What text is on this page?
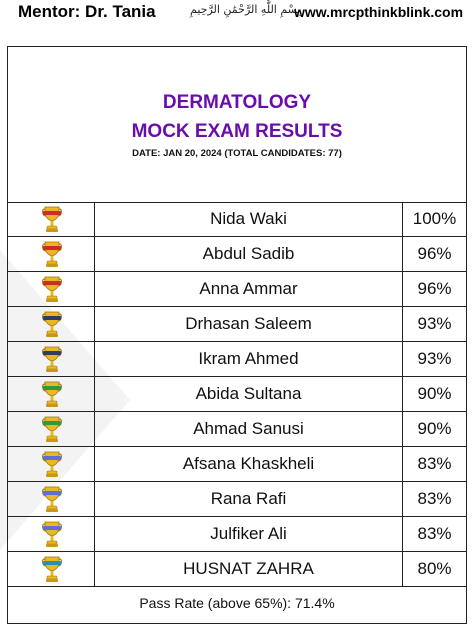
Mentor: Dr. Tania	بِسْمِ اللَّهِ الرَّحْمَٰنِ الرَّحِيمِ
www.mrcpthinkblink.com
DERMATOLOGY
MOCK EXAM RESULTS
DATE: JAN 20, 2024 (TOTAL CANDIDATES: 77)
Nida Waki	100%
Abdul Sadib	96%
Anna Ammar	96%
Drhasan Saleem	93%
Ikram Ahmed	93%
Abida Sultana	90%
Ahmad Sanusi	90%
Afsana Khaskheli	83%
Rana Rafi	83%
Julfiker Ali	83%
HUSNAT ZAHRA	80%
Pass Rate (above 65%): 71.4%
